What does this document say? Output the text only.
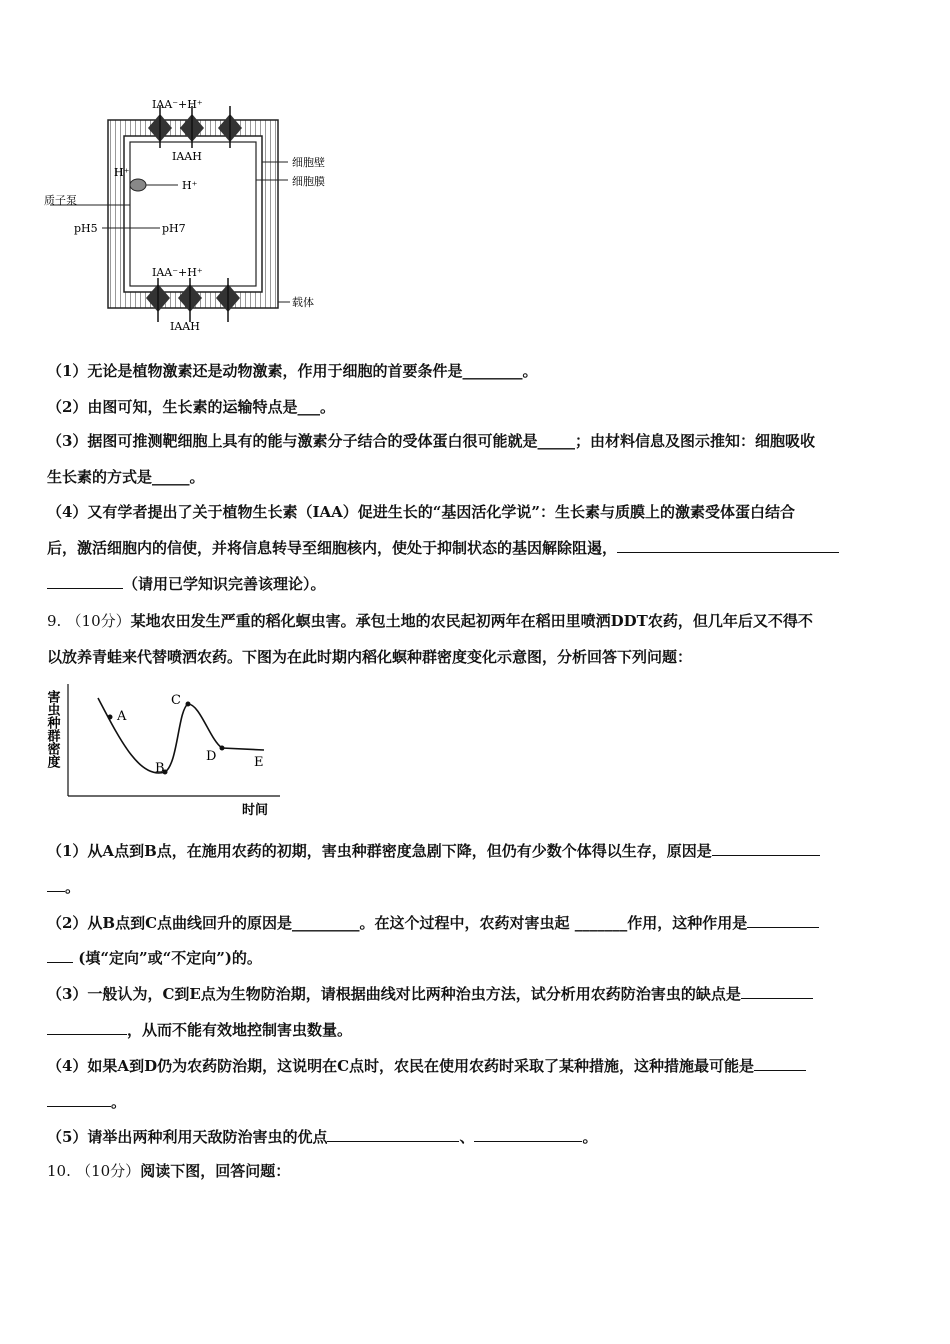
IAA⁻+H⁺
IAAH
H⁺
H⁺
质子泵
pH5	pH7
IAA⁻+H⁺
IAAH
细胞壁
细胞膜
载体
（1）无论是植物激素还是动物激素，作用于细胞的首要条件是________。
（2）由图可知，生长素的运输特点是___。
（3）据图可推测靶细胞上具有的能与激素分子结合的受体蛋白很可能就是_____；由材料信息及图示推知：细胞吸收
生长素的方式是_____。
（4）又有学者提出了关于植物生长素（IAA）促进生长的“基因活化学说”：生长素与质膜上的激素受体蛋白结合
后，激活细胞内的信使，并将信息转导至细胞核内，使处于抑制状态的基因解除阻遏，
（请用已学知识完善该理论）。
9. （10分）某地农田发生严重的稻化螟虫害。承包土地的农民起初两年在稻田里喷洒DDT农药，但几年后又不得不
以放养青蛙来代替喷洒农药。下图为在此时期内稻化螟种群密度变化示意图，分析回答下列问题：
A
B
C
D	E
害虫种群密度
时间
（1）从A点到B点，在施用农药的初期，害虫种群密度急剧下降，但仍有少数个体得以生存，原因是
。
（2）从B点到C点曲线回升的原因是_________。在这个过程中，农药对害虫起 _______作用，这种作用是
(填“定向”或“不定向”)的。
（3）一般认为，C到E点为生物防治期，请根据曲线对比两种治虫方法，试分析用农药防治害虫的缺点是
，从而不能有效地控制害虫数量。
（4）如果A到D仍为农药防治期，这说明在C点时，农民在使用农药时采取了某种措施，这种措施最可能是
。
（5）请举出两种利用天敌防治害虫的优点	、	。
10. （10分）阅读下图，回答问题：
